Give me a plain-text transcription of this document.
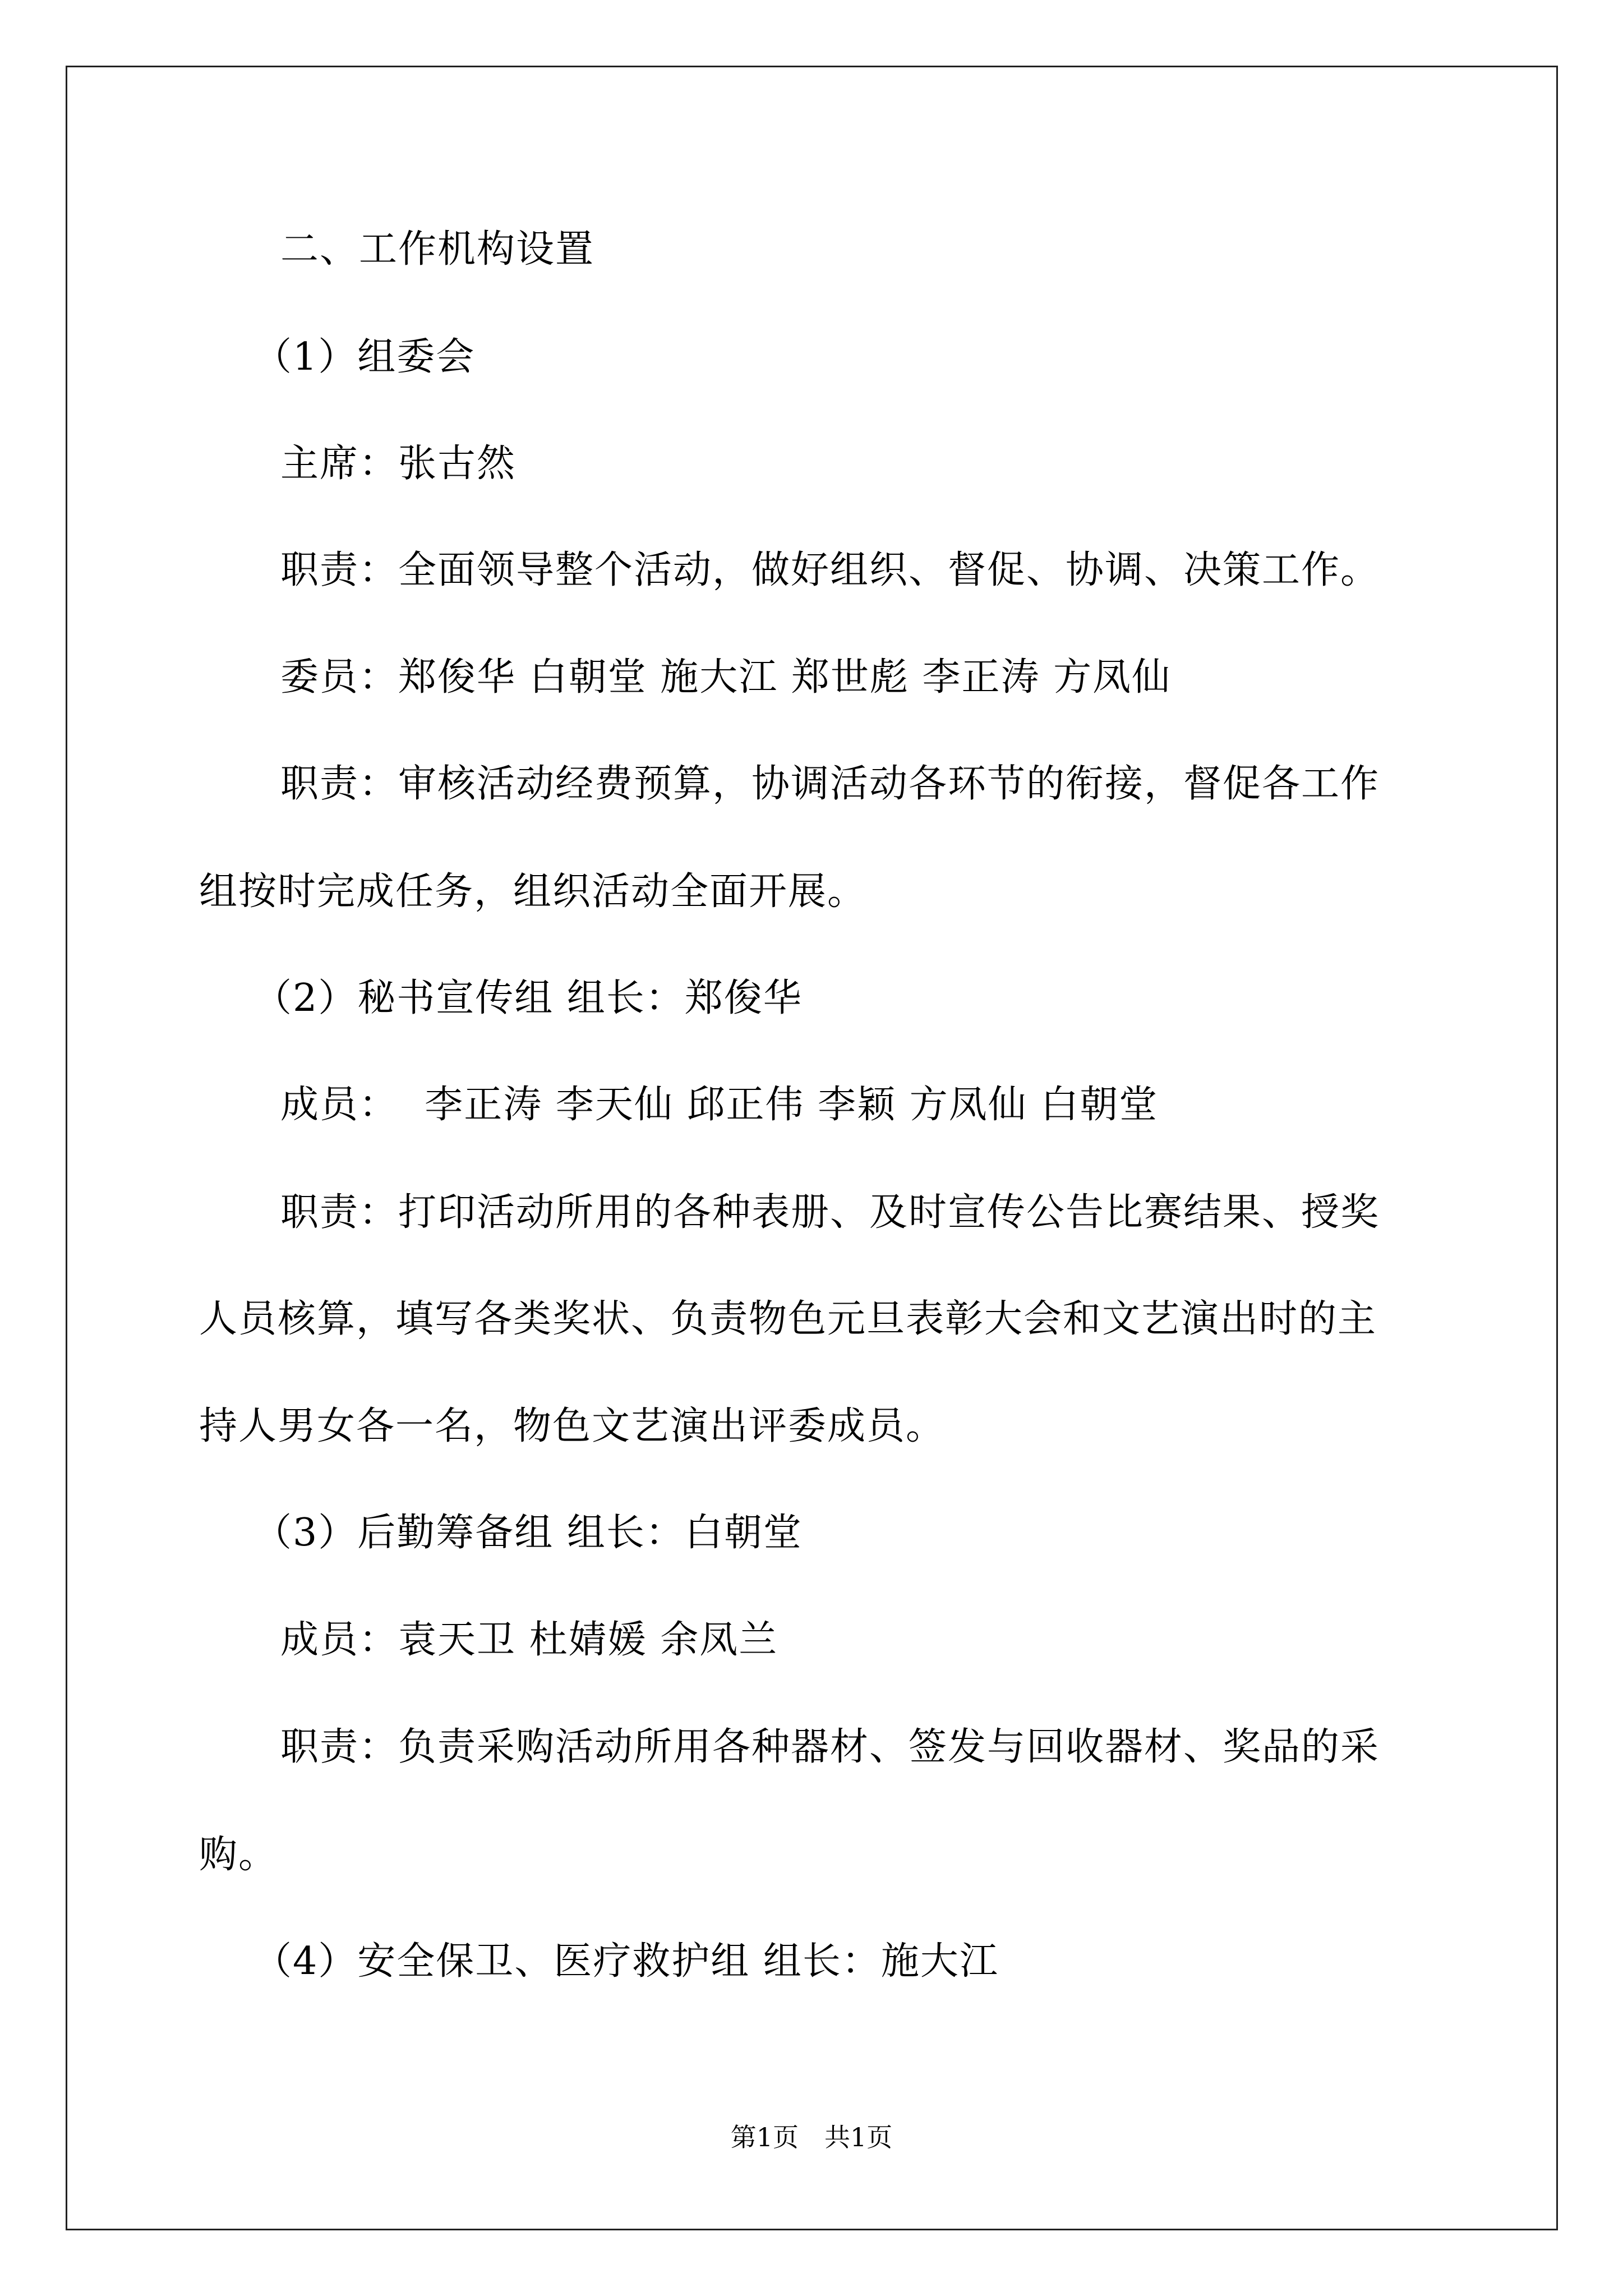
二、工作机构设置
（1）组委会
主席：张古然
职责：全面领导整个活动，做好组织、督促、协调、决策工作。
委员：郑俊华 白朝堂 施大江 郑世彪 李正涛 方凤仙
职责：审核活动经费预算，协调活动各环节的衔接，督促各工作
组按时完成任务，组织活动全面开展。
（2）秘书宣传组 组长：郑俊华
成员：  李正涛 李天仙 邱正伟 李颖 方凤仙 白朝堂
职责：打印活动所用的各种表册、及时宣传公告比赛结果、授奖
人员核算，填写各类奖状、负责物色元旦表彰大会和文艺演出时的主
持人男女各一名，物色文艺演出评委成员。
（3）后勤筹备组 组长：白朝堂
成员：袁天卫 杜婧媛 余凤兰
职责：负责采购活动所用各种器材、签发与回收器材、奖品的采
购。
（4）安全保卫、医疗救护组 组长：施大江
第1页　共1页
